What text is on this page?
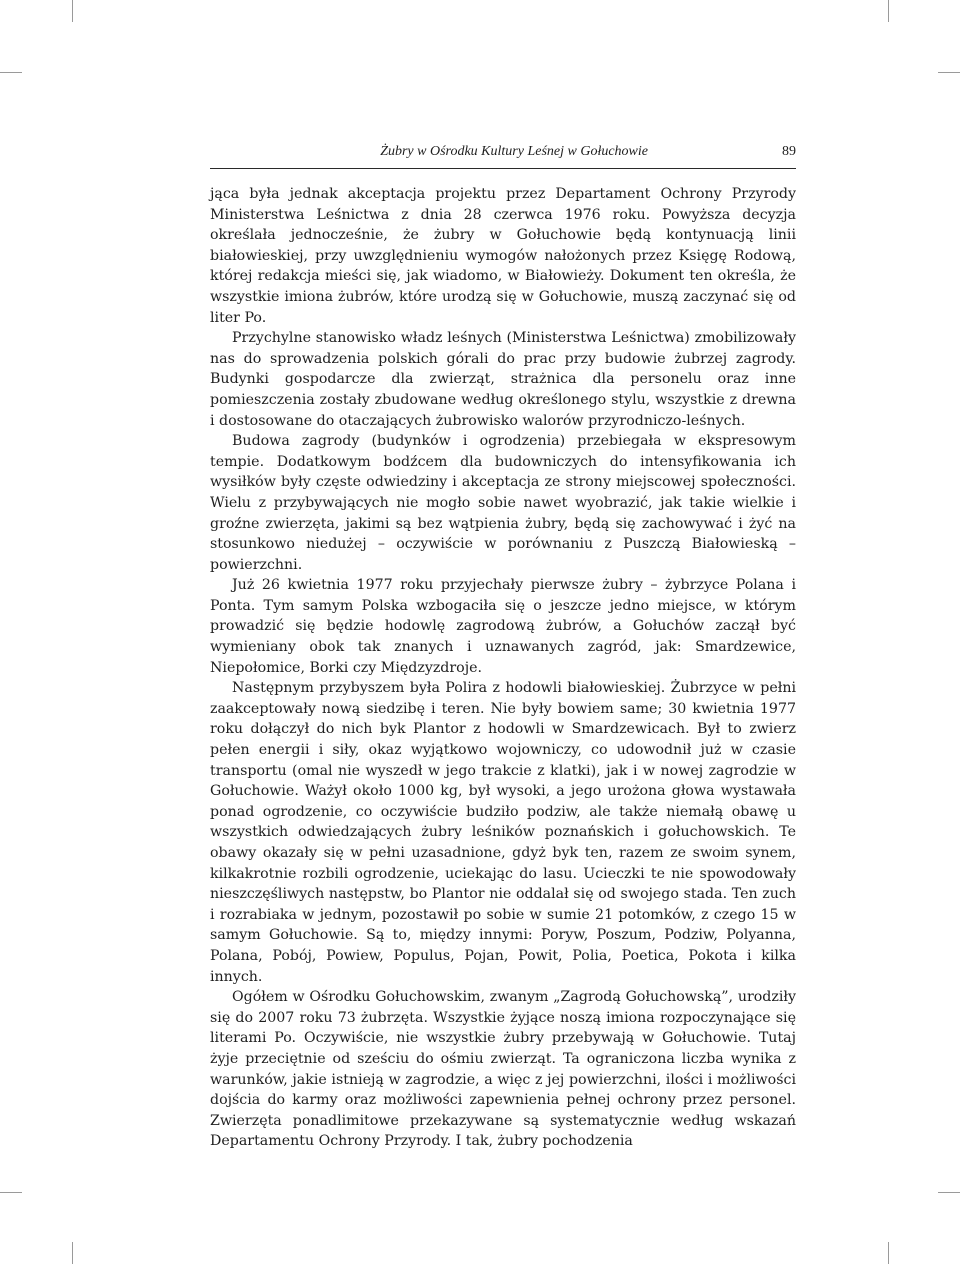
Żubry w Ośrodku Kultury Leśnej w Gołuchowie	89

jąca była jednak akceptacja projektu przez Departament Ochrony Przyrody Ministerstwa Leśnictwa z dnia 28 czerwca 1976 roku. Powyższa decyzja określała jednocześnie, że żubry w Gołuchowie będą kontynuacją linii białowieskiej, przy uwzględnieniu wymogów nałożonych przez Księgę Rodową, której redakcja mieści się, jak wiadomo, w Białowieży. Dokument ten określa, że wszystkie imiona żubrów, które urodzą się w Gołuchowie, muszą zaczynać się od liter Po.

Przychylne stanowisko władz leśnych (Ministerstwa Leśnictwa) zmobilizowały nas do sprowadzenia polskich górali do prac przy budowie żubrzej zagrody. Budynki gospodarcze dla zwierząt, strażnica dla personelu oraz inne pomieszczenia zostały zbudowane według określonego stylu, wszystkie z drewna i dostosowane do otaczających żubrowisko walorów przyrodniczo-leśnych.

Budowa zagrody (budynków i ogrodzenia) przebiegała w ekspresowym tempie. Dodatkowym bodźcem dla budowniczych do intensyfikowania ich wysiłków były częste odwiedziny i akceptacja ze strony miejscowej społeczności. Wielu z przybywających nie mogło sobie nawet wyobrazić, jak takie wielkie i groźne zwierzęta, jakimi są bez wątpienia żubry, będą się zachowywać i żyć na stosunkowo niedużej – oczywiście w porównaniu z Puszczą Białowieską – powierzchni.

Już 26 kwietnia 1977 roku przyjechały pierwsze żubry – żybrzyce Polana i Ponta. Tym samym Polska wzbogaciła się o jeszcze jedno miejsce, w którym prowadzić się będzie hodowlę zagrodową żubrów, a Gołuchów zaczął być wymieniany obok tak znanych i uznawanych zagród, jak: Smardzewice, Niepołomice, Borki czy Międzyzdroje.

Następnym przybyszem była Polira z hodowli białowieskiej. Żubrzyce w pełni zaakceptowały nową siedzibę i teren. Nie były bowiem same; 30 kwietnia 1977 roku dołączył do nich byk Plantor z hodowli w Smardzewicach. Był to zwierz pełen energii i siły, okaz wyjątkowo wojowniczy, co udowodnił już w czasie transportu (omal nie wyszedł w jego trakcie z klatki), jak i w nowej zagrodzie w Gołuchowie. Ważył około 1000 kg, był wysoki, a jego urożona głowa wystawała ponad ogrodzenie, co oczywiście budziło podziw, ale także niemałą obawę u wszystkich odwiedzających żubry leśników poznańskich i gołuchowskich. Te obawy okazały się w pełni uzasadnione, gdyż byk ten, razem ze swoim synem, kilkakrotnie rozbili ogrodzenie, uciekając do lasu. Ucieczki te nie spowodowały nieszczęśliwych następstw, bo Plantor nie oddalał się od swojego stada. Ten zuch i rozrabiaka w jednym, pozostawił po sobie w sumie 21 potomków, z czego 15 w samym Gołuchowie. Są to, między innymi: Poryw, Poszum, Podziw, Polyanna, Polana, Pobój, Powiew, Populus, Pojan, Powit, Polia, Poetica, Pokota i kilka innych.

Ogółem w Ośrodku Gołuchowskim, zwanym „Zagrodą Gołuchowską”, urodziły się do 2007 roku 73 żubrzęta. Wszystkie żyjące noszą imiona rozpoczynające się literami Po. Oczywiście, nie wszystkie żubry przebywają w Gołuchowie. Tutaj żyje przeciętnie od sześciu do ośmiu zwierząt. Ta ograniczona liczba wynika z warunków, jakie istnieją w zagrodzie, a więc z jej powierzchni, ilości i możliwości dojścia do karmy oraz możliwości zapewnienia pełnej ochrony przez personel. Zwierzęta ponadlimitowe przekazywane są systematycznie według wskazań Departamentu Ochrony Przyrody. I tak, żubry pochodzenia
